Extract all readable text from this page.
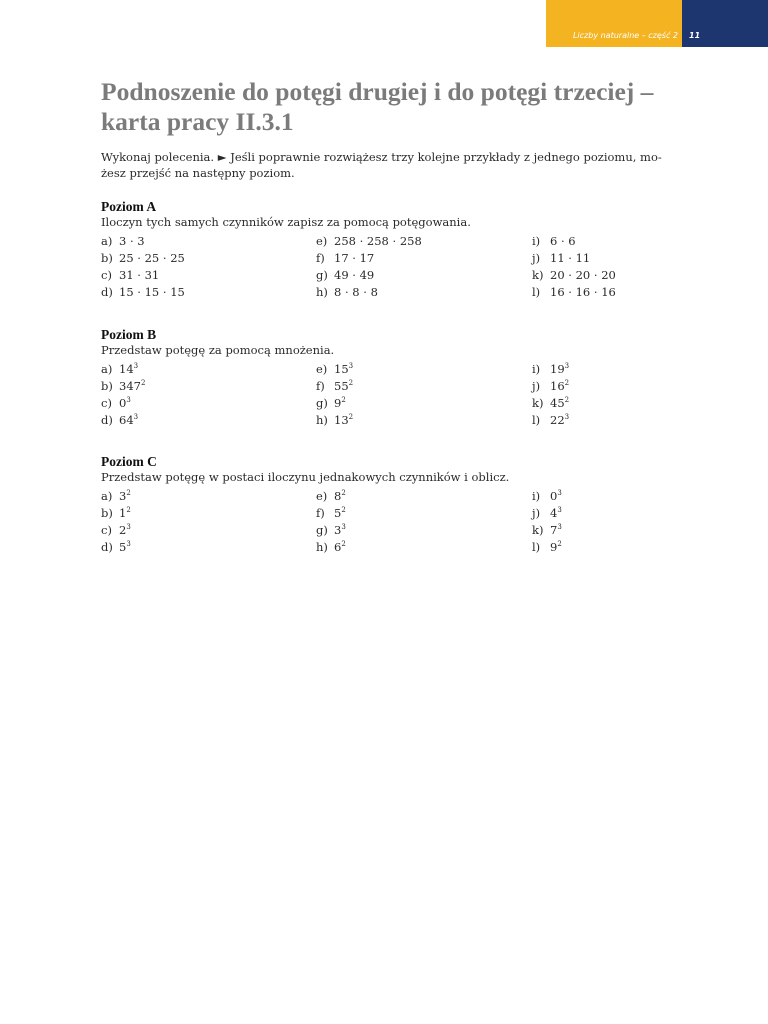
Liczby naturalne – część 2 11
Podnoszenie do potęgi drugiej i do potęgi trzeciej –
karta pracy II.3.1
Wykonaj polecenia. ► Jeśli poprawnie rozwiążesz trzy kolejne przykłady z jednego poziomu, mo-
żesz przejść na następny poziom.
Poziom A
Iloczyn tych samych czynników zapisz za pomocą potęgowania.
a) 3 · 3
b) 25 · 25 · 25
c) 31 · 31
d) 15 · 15 · 15
e) 258 · 258 · 258
f) 17 · 17
g) 49 · 49
h) 8 · 8 · 8
i) 6 · 6
j) 11 · 11
k) 20 · 20 · 20
l) 16 · 16 · 16
Poziom B
Przedstaw potęgę za pomocą mnożenia.
a) $14^3$
b) $347^2$
c) $0^3$
d) $64^3$
e) $15^3$
f) $55^2$
g) $9^2$
h) $13^2$
i) $19^3$
j) $16^2$
k) $45^2$
l) $22^3$
Poziom C
Przedstaw potęgę w postaci iloczynu jednakowych czynników i oblicz.
a) $3^2$
b) $1^2$
c) $2^3$
d) $5^3$
e) $8^2$
f) $5^2$
g) $3^3$
h) $6^2$
i) $0^3$
j) $4^3$
k) $7^3$
l) $9^2$
